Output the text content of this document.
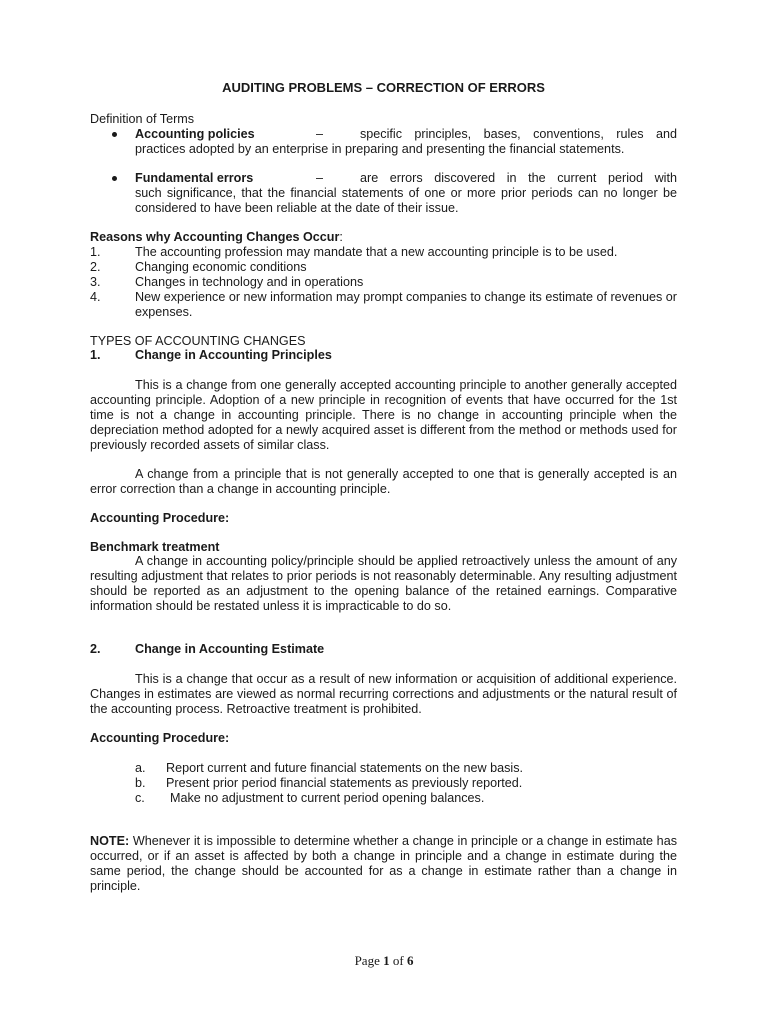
AUDITING PROBLEMS – CORRECTION OF ERRORS
Definition of Terms
Accounting policies	–	specific principles, bases, conventions, rules and
practices adopted by an enterprise in preparing and presenting the financial statements.
Fundamental errors	–	are errors discovered in the current period with
such significance, that the financial statements of one or more prior periods can no longer be considered to have been reliable at the date of their issue.
Reasons why Accounting Changes Occur:
1.	The accounting profession may mandate that a new accounting principle is to be used.
2.	Changing economic conditions
3.	Changes in technology and in operations
4.	New experience or new information may prompt companies to change its estimate of revenues or expenses.
TYPES OF ACCOUNTING CHANGES
1.	Change in Accounting Principles
This is a change from one generally accepted accounting principle to another generally accepted accounting principle. Adoption of a new principle in recognition of events that have occurred for the 1st time is not a change in accounting principle. There is no change in accounting principle when the depreciation method adopted for a newly acquired asset is different from the method or methods used for previously recorded assets of similar class.
A change from a principle that is not generally accepted to one that is generally accepted is an error correction than a change in accounting principle.
Accounting Procedure:
Benchmark treatment
A change in accounting policy/principle should be applied retroactively unless the amount of any resulting adjustment that relates to prior periods is not reasonably determinable. Any resulting adjustment should be reported as an adjustment to the opening balance of the retained earnings. Comparative information should be restated unless it is impracticable to do so.
2.	Change in Accounting Estimate
This is a change that occur as a result of new information or acquisition of additional experience. Changes in estimates are viewed as normal recurring corrections and adjustments or the natural result of the accounting process. Retroactive treatment is prohibited.
Accounting Procedure:
a. Report current and future financial statements on the new basis.
b. Present prior period financial statements as previously reported.
c. Make no adjustment to current period opening balances.
NOTE: Whenever it is impossible to determine whether a change in principle or a change in estimate has occurred, or if an asset is affected by both a change in principle and a change in estimate during the same period, the change should be accounted for as a change in estimate rather than a change in principle.
Page 1 of 6
